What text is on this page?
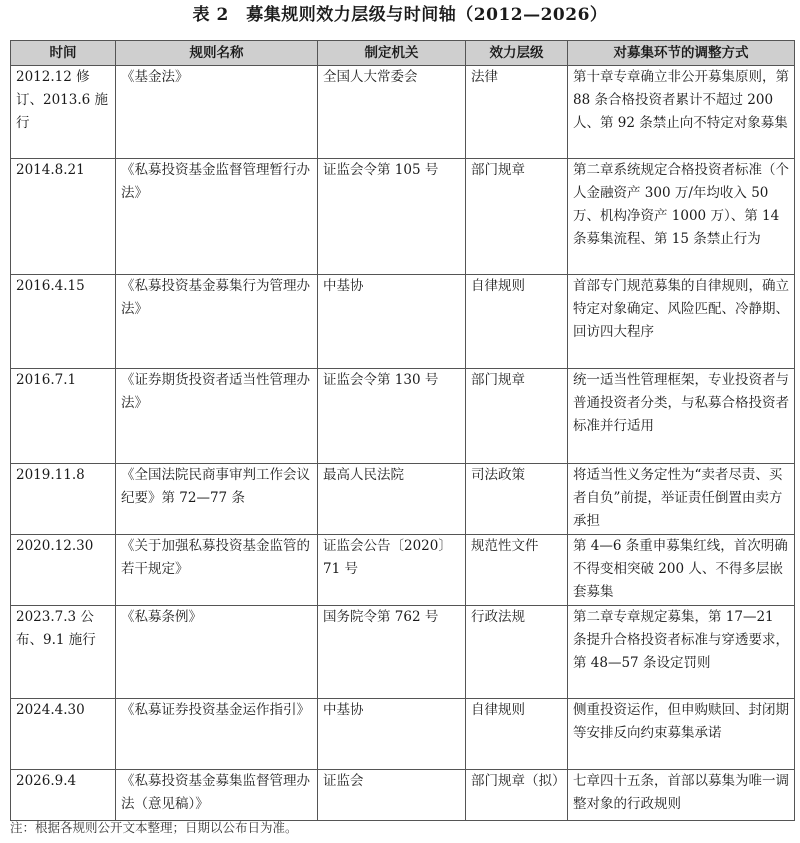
表 2　募集规则效力层级与时间轴（2012—2026）
时间	规则名称	制定机关	效力层级	对募集环节的调整方式
2012.12 修订、2013.6 施行	《基金法》	全国人大常委会	法律	第十章专章确立非公开募集原则，第 88 条合格投资者累计不超过 200 人、第 92 条禁止向不特定对象募集
2014.8.21	《私募投资基金监督管理暂行办法》	证监会令第 105 号	部门规章	第二章系统规定合格投资者标准（个人金融资产 300 万/年均收入 50 万、机构净资产 1000 万）、第 14 条募集流程、第 15 条禁止行为
2016.4.15	《私募投资基金募集行为管理办法》	中基协	自律规则	首部专门规范募集的自律规则，确立特定对象确定、风险匹配、冷静期、回访四大程序
2016.7.1	《证券期货投资者适当性管理办法》	证监会令第 130 号	部门规章	统一适当性管理框架，专业投资者与普通投资者分类，与私募合格投资者标准并行适用
2019.11.8	《全国法院民商事审判工作会议纪要》第 72—77 条	最高人民法院	司法政策	将适当性义务定性为“卖者尽责、买者自负”前提，举证责任倒置由卖方承担
2020.12.30	《关于加强私募投资基金监管的若干规定》	证监会公告〔2020〕71 号	规范性文件	第 4—6 条重申募集红线，首次明确不得变相突破 200 人、不得多层嵌套募集
2023.7.3 公布、9.1 施行	《私募条例》	国务院令第 762 号	行政法规	第二章专章规定募集，第 17—21 条提升合格投资者标准与穿透要求，第 48—57 条设定罚则
2024.4.30	《私募证券投资基金运作指引》	中基协	自律规则	侧重投资运作，但申购赎回、封闭期等安排反向约束募集承诺
2026.9.4	《私募投资基金募集监督管理办法（意见稿）》	证监会	部门规章（拟）	七章四十五条，首部以募集为唯一调整对象的行政规则
注：根据各规则公开文本整理；日期以公布日为准。
